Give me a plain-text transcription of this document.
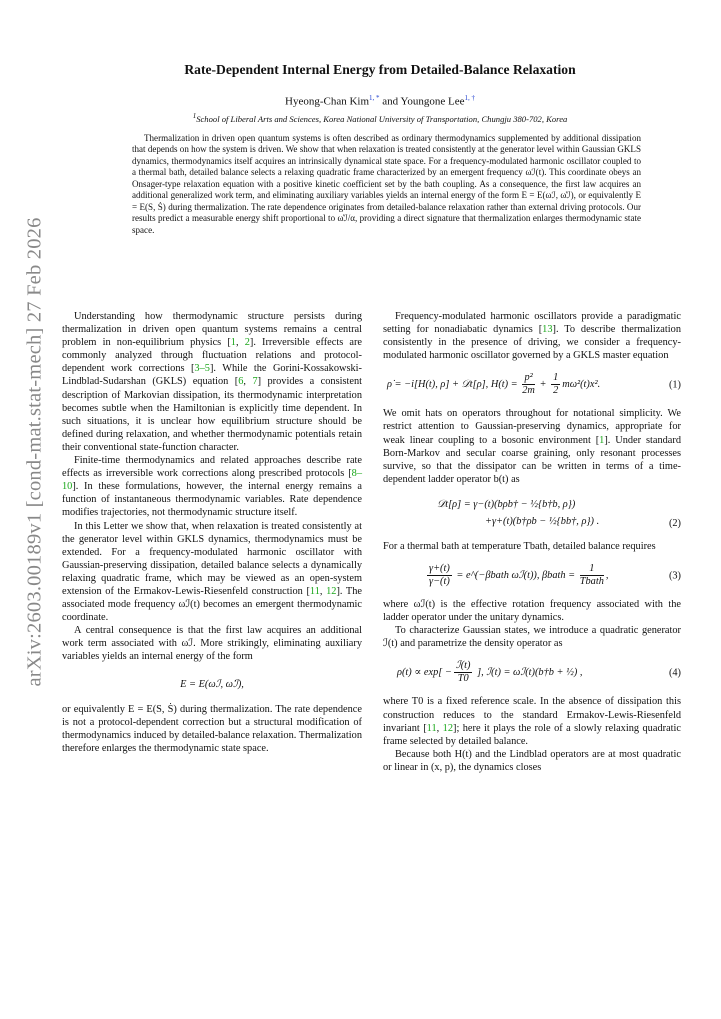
arXiv:2603.00189v1 [cond-mat.stat-mech] 27 Feb 2026
Rate-Dependent Internal Energy from Detailed-Balance Relaxation
Hyeong-Chan Kim$^{1, *}$ and Youngone Lee$^{1, \dagger}$
$^1$School of Liberal Arts and Sciences, Korea National University of Transportation, Chungju 380-702, Korea
Thermalization in driven open quantum systems is often described as ordinary thermodynamics supplemented by additional dissipation that depends on how the system is driven. We show that when relaxation is treated consistently at the generator level within Gaussian GKLS dynamics, thermodynamics itself acquires an intrinsically dynamical state space. For a frequency-modulated harmonic oscillator coupled to a thermal bath, detailed balance selects a relaxing quadratic frame characterized by an emergent frequency ωℐ(t). This coordinate obeys an Onsager-type relaxation equation with a positive kinetic coefficient set by the bath coupling. As a consequence, the first law acquires an additional generalized work term, and eliminating auxiliary variables yields an internal energy of the form E = E(ωℐ, ω̇ℐ), or equivalently E = E(S, Ṡ) during thermalization. The rate dependence originates from detailed-balance relaxation rather than external driving protocols. Our results predict a measurable energy shift proportional to ω̇ℐ/α, providing a direct signature that thermalization enlarges thermodynamic state space.

Understanding how thermodynamic structure persists during thermalization in driven open quantum systems remains a central problem in non-equilibrium physics [1, 2]. Irreversible effects are commonly analyzed through fluctuation relations and protocol-dependent work corrections [3–5]. While the Gorini-Kossakowski-Lindblad-Sudarshan (GKLS) equation [6, 7] provides a consistent description of Markovian dissipation, its thermodynamic interpretation becomes subtle when the Hamiltonian is explicitly time dependent. In such situations, it is unclear how equilibrium structure should be defined during relaxation, and whether thermodynamic potentials retain their conventional state-function character.

Finite-time thermodynamics and related approaches describe rate effects as irreversible work corrections along prescribed protocols [8–10]. In these formulations, however, the internal energy remains a function of instantaneous thermodynamic variables. Rate dependence modifies trajectories, not thermodynamic structure itself.

In this Letter we show that, when relaxation is treated consistently at the generator level within GKLS dynamics, thermodynamics must be extended. For a frequency-modulated harmonic oscillator with Gaussian-preserving dissipation, detailed balance selects a dynamically relaxing quadratic frame, which may be viewed as an open-system extension of the Ermakov-Lewis-Riesenfeld construction [11, 12]. The associated mode frequency ωℐ(t) becomes an emergent thermodynamic coordinate.

A central consequence is that the first law acquires an additional work term associated with ωℐ. More strikingly, eliminating auxiliary variables yields an internal energy of the form

E = E(ωℐ, ω̇ℐ),

or equivalently E = E(S, Ṡ) during thermalization. The rate dependence is not a protocol-dependent correction but a structural modification of thermodynamics induced by detailed-balance relaxation. Thermalization therefore enlarges the thermodynamic state space.

Frequency-modulated harmonic oscillators provide a paradigmatic setting for nonadiabatic dynamics [13]. To describe thermalization consistently in the presence of driving, we consider a frequency-modulated harmonic oscillator governed by a GKLS master equation

ρ̇ = −i[H(t), ρ] + 𝒟t[ρ], $H(t) = \frac{\text{p²}}{2m} + \frac{1}{2} m\omega^2(t)x^2$.	(1)

We omit hats on operators throughout for notational simplicity. We restrict attention to Gaussian-preserving dynamics, appropriate for weak linear coupling to a bosonic environment [1]. Under standard Born-Markov and secular coarse graining, only resonant processes survive, so that the dissipator can be written in terms of a time-dependent ladder operator b(t) as

𝒟t[ρ] = γ−(t)(bρb† − ½{b†b, ρ})
+γ+(t)(b†ρb − ½{bb†, ρ}) .	(2)

For a thermal bath at temperature Tbath, detailed balance requires

$\frac{\gamma+(t)}{\gamma-(t)}$ = e^(−βbath ωℐ(t)), βbath = $\frac{1}{\text{Tbath}}$ ,	(3)

where ωℐ(t) is the effective rotation frequency associated with the ladder operator under the unitary dynamics.

To characterize Gaussian states, we introduce a quadratic generator ℐ(t) and parametrize the density operator as

$\rho(t) \propto \exp[ - \frac{\text{ℐ(t)}}{T0}$ ], ℐ(t) = ωℐ(t)(b†b + ½) ,	(4)

where T0 is a fixed reference scale. In the absence of dissipation this construction reduces to the standard Ermakov-Lewis-Riesenfeld invariant [11, 12]; here it plays the role of a slowly relaxing quadratic frame selected by detailed balance.

Because both H(t) and the Lindblad operators are at most quadratic or linear in (x, p), the dynamics closes
